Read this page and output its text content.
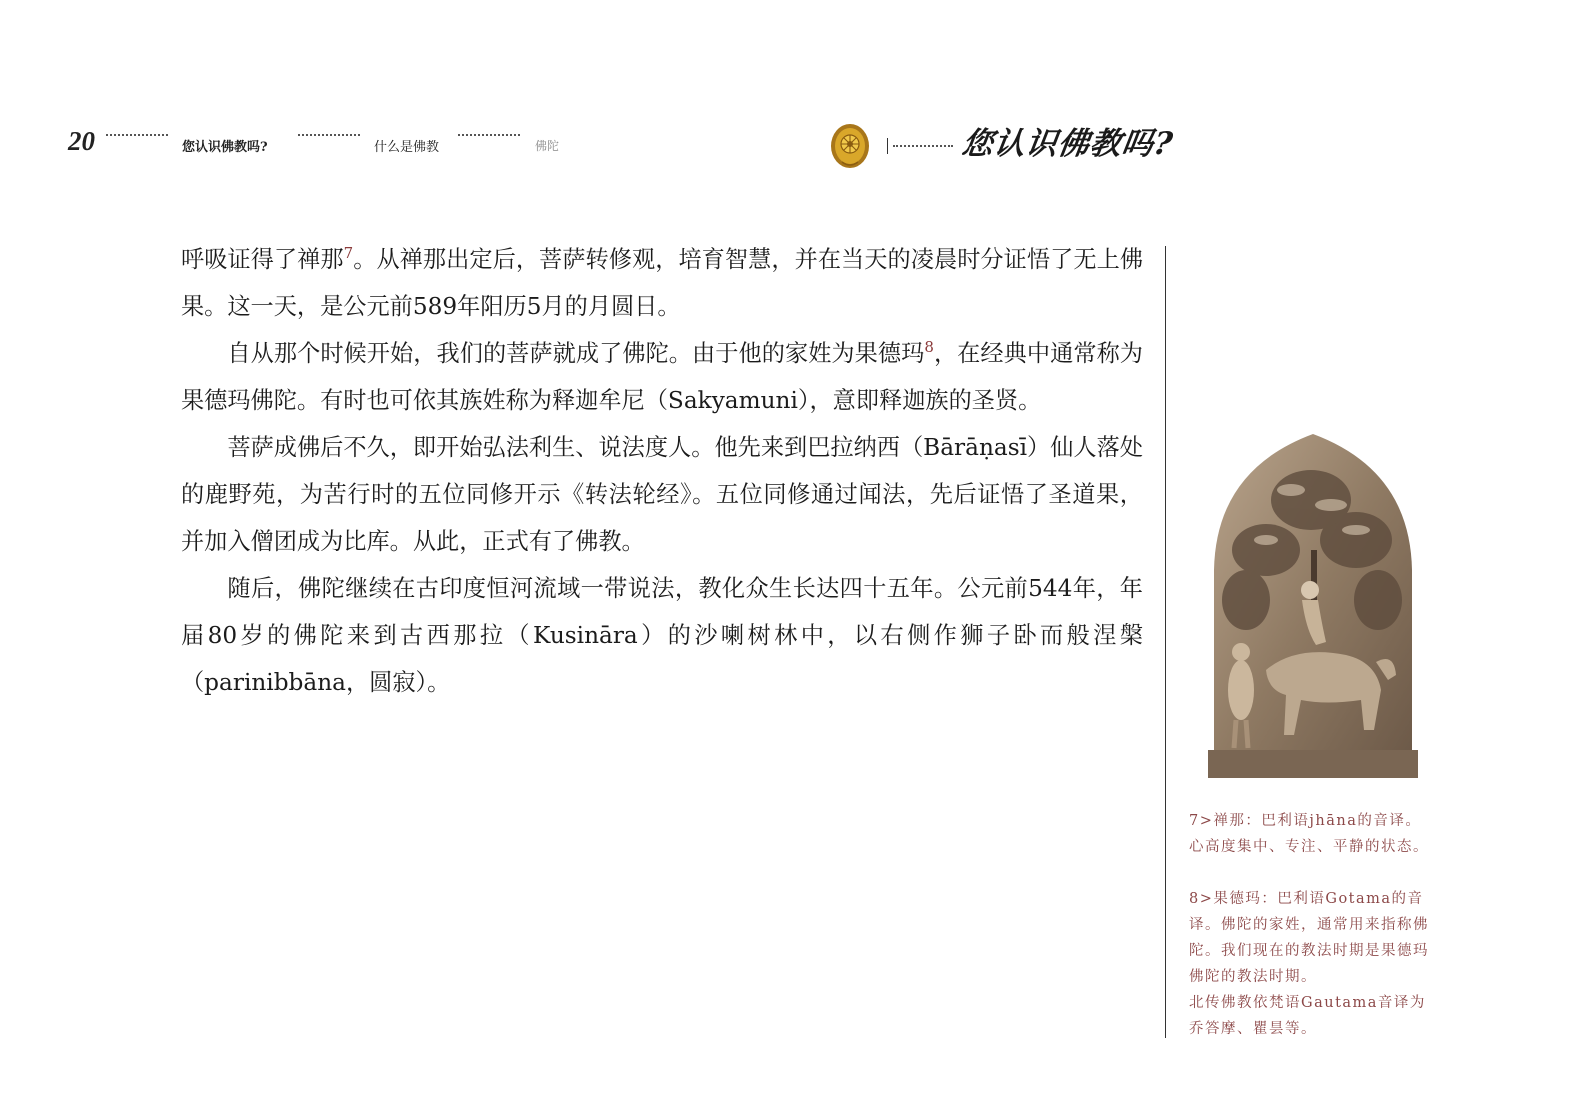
20	您认识佛教吗?	什么是佛教	佛陀	您认识佛教吗?

呼吸证得了禅那$^7$。从禅那出定后，菩萨转修观，培育智慧，并在当天的凌晨时分证悟了无上佛果。这一天，是公元前589年阳历5月的月圆日。

自从那个时候开始，我们的菩萨就成了佛陀。由于他的家姓为果德玛$^8$，在经典中通常称为果德玛佛陀。有时也可依其族姓称为释迦牟尼（Sakyamuni），意即释迦族的圣贤。

菩萨成佛后不久，即开始弘法利生、说法度人。他先来到巴拉纳西（Bārāṇasī）仙人落处的鹿野苑，为苦行时的五位同修开示《转法轮经》。五位同修通过闻法，先后证悟了圣道果，并加入僧团成为比库。从此，正式有了佛教。

随后，佛陀继续在古印度恒河流域一带说法，教化众生长达四十五年。公元前544年，年届80岁的佛陀来到古西那拉（Kusināra）的沙喇树林中，以右侧作狮子卧而般涅槃（parinibbāna，圆寂）。

7>禅那：巴利语jhāna的音译。心高度集中、专注、平静的状态。

8>果德玛：巴利语Gotama的音译。佛陀的家姓，通常用来指称佛陀。我们现在的教法时期是果德玛佛陀的教法时期。

北传佛教依梵语Gautama音译为乔答摩、瞿昙等。
